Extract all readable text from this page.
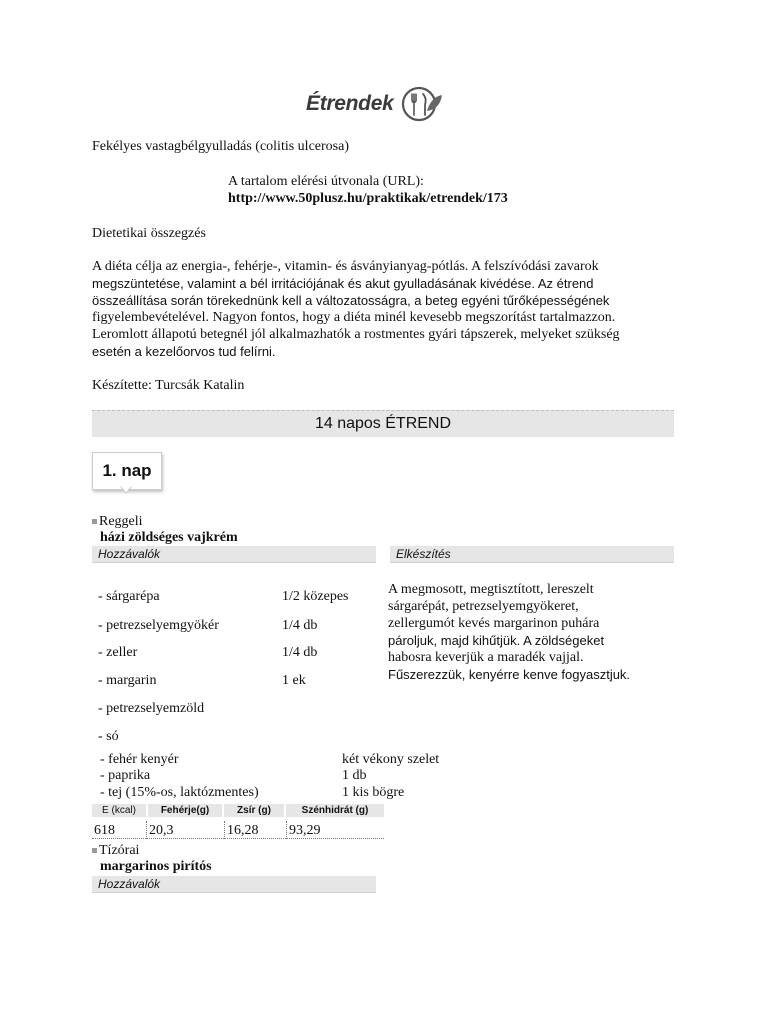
Étrendek
Fekélyes vastagbélgyulladás (colitis ulcerosa)
A tartalom elérési útvonala (URL):
http://www.50plusz.hu/praktikak/etrendek/173
Dietetikai összegzés
A diéta célja az energia-, fehérje-, vitamin- és ásványianyag-pótlás. A felszívódási zavarok
megszüntetése, valamint a bél irritációjának és akut gyulladásának kivédése. Az étrend
összeállítása során törekednünk kell a változatosságra, a beteg egyéni tűrőképességének
figyelembevételével. Nagyon fontos, hogy a diéta minél kevesebb megszorítást tartalmazzon.
Leromlott állapotú betegnél jól alkalmazhatók a rostmentes gyári tápszerek, melyeket szükség
esetén a kezelőorvos tud felírni.
Készítette: Turcsák Katalin
14 napos ÉTREND
1. nap
Reggeli
házi zöldséges vajkrém
Hozzávalók	Elkészítés
- sárgarépa	1/2 közepes
- petrezselyemgyökér	1/4 db
- zeller	1/4 db
- margarin	1 ek
- petrezselyemzöld
- só
- fehér kenyér	két vékony szelet
- paprika	1 db
- tej (15%-os, laktózmentes)	1 kis bögre
A megmosott, megtisztított, lereszelt
sárgarépát, petrezselyemgyökeret,
zellergumót kevés margarinon puhára
pároljuk, majd kihűtjük. A zöldségeket
habosra keverjük a maradék vajjal.
Fűszerezzük, kenyérre kenve fogyasztjuk.
E (kcal)	Fehérje(g)	Zsír (g)	Szénhidrát (g)
618	20,3	16,28	93,29
Tízórai
margarinos pirítós
Hozzávalók
